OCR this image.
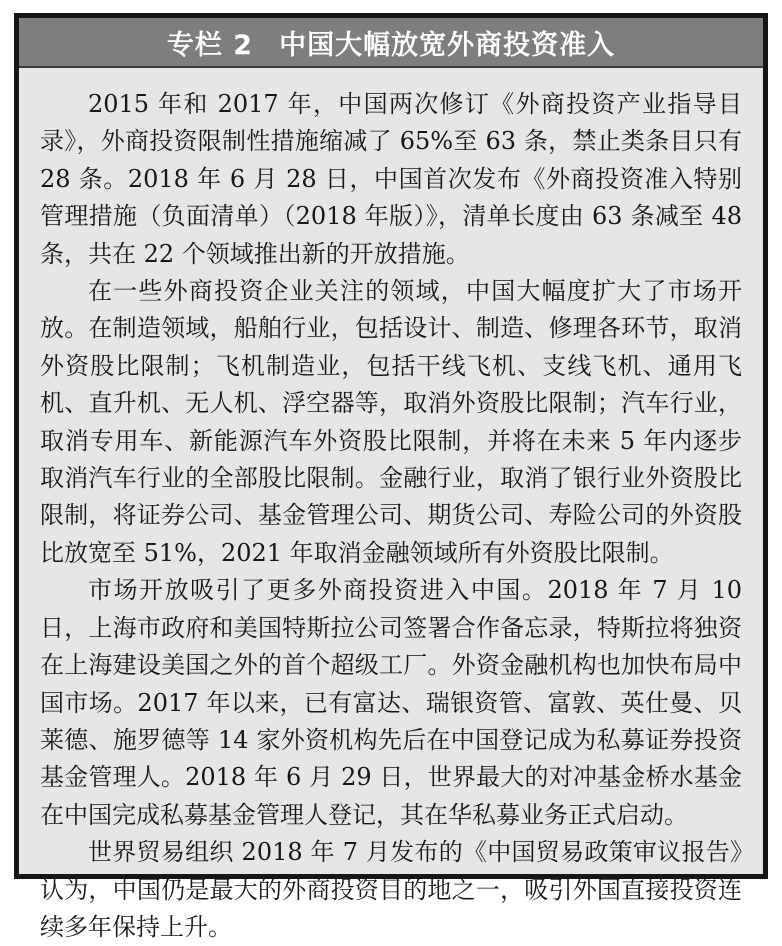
专栏 2 中国大幅放宽外商投资准入

2015 年和 2017 年，中国两次修订《外商投资产业指导目录》，外商投资限制性措施缩减了 65%至 63 条，禁止类条目只有 28 条。2018 年 6 月 28 日，中国首次发布《外商投资准入特别管理措施（负面清单）（2018 年版）》，清单长度由 63 条减至 48 条，共在 22 个领域推出新的开放措施。

在一些外商投资企业关注的领域，中国大幅度扩大了市场开放。在制造领域，船舶行业，包括设计、制造、修理各环节，取消外资股比限制；飞机制造业，包括干线飞机、支线飞机、通用飞机、直升机、无人机、浮空器等，取消外资股比限制；汽车行业，取消专用车、新能源汽车外资股比限制，并将在未来 5 年内逐步取消汽车行业的全部股比限制。金融行业，取消了银行业外资股比限制，将证券公司、基金管理公司、期货公司、寿险公司的外资股比放宽至 51%，2021 年取消金融领域所有外资股比限制。

市场开放吸引了更多外商投资进入中国。2018 年 7 月 10 日，上海市政府和美国特斯拉公司签署合作备忘录，特斯拉将独资在上海建设美国之外的首个超级工厂。外资金融机构也加快布局中国市场。2017 年以来，已有富达、瑞银资管、富敦、英仕曼、贝莱德、施罗德等 14 家外资机构先后在中国登记成为私募证券投资基金管理人。2018 年 6 月 29 日，世界最大的对冲基金桥水基金在中国完成私募基金管理人登记，其在华私募业务正式启动。

世界贸易组织 2018 年 7 月发布的《中国贸易政策审议报告》认为，中国仍是最大的外商投资目的地之一，吸引外国直接投资连续多年保持上升。
